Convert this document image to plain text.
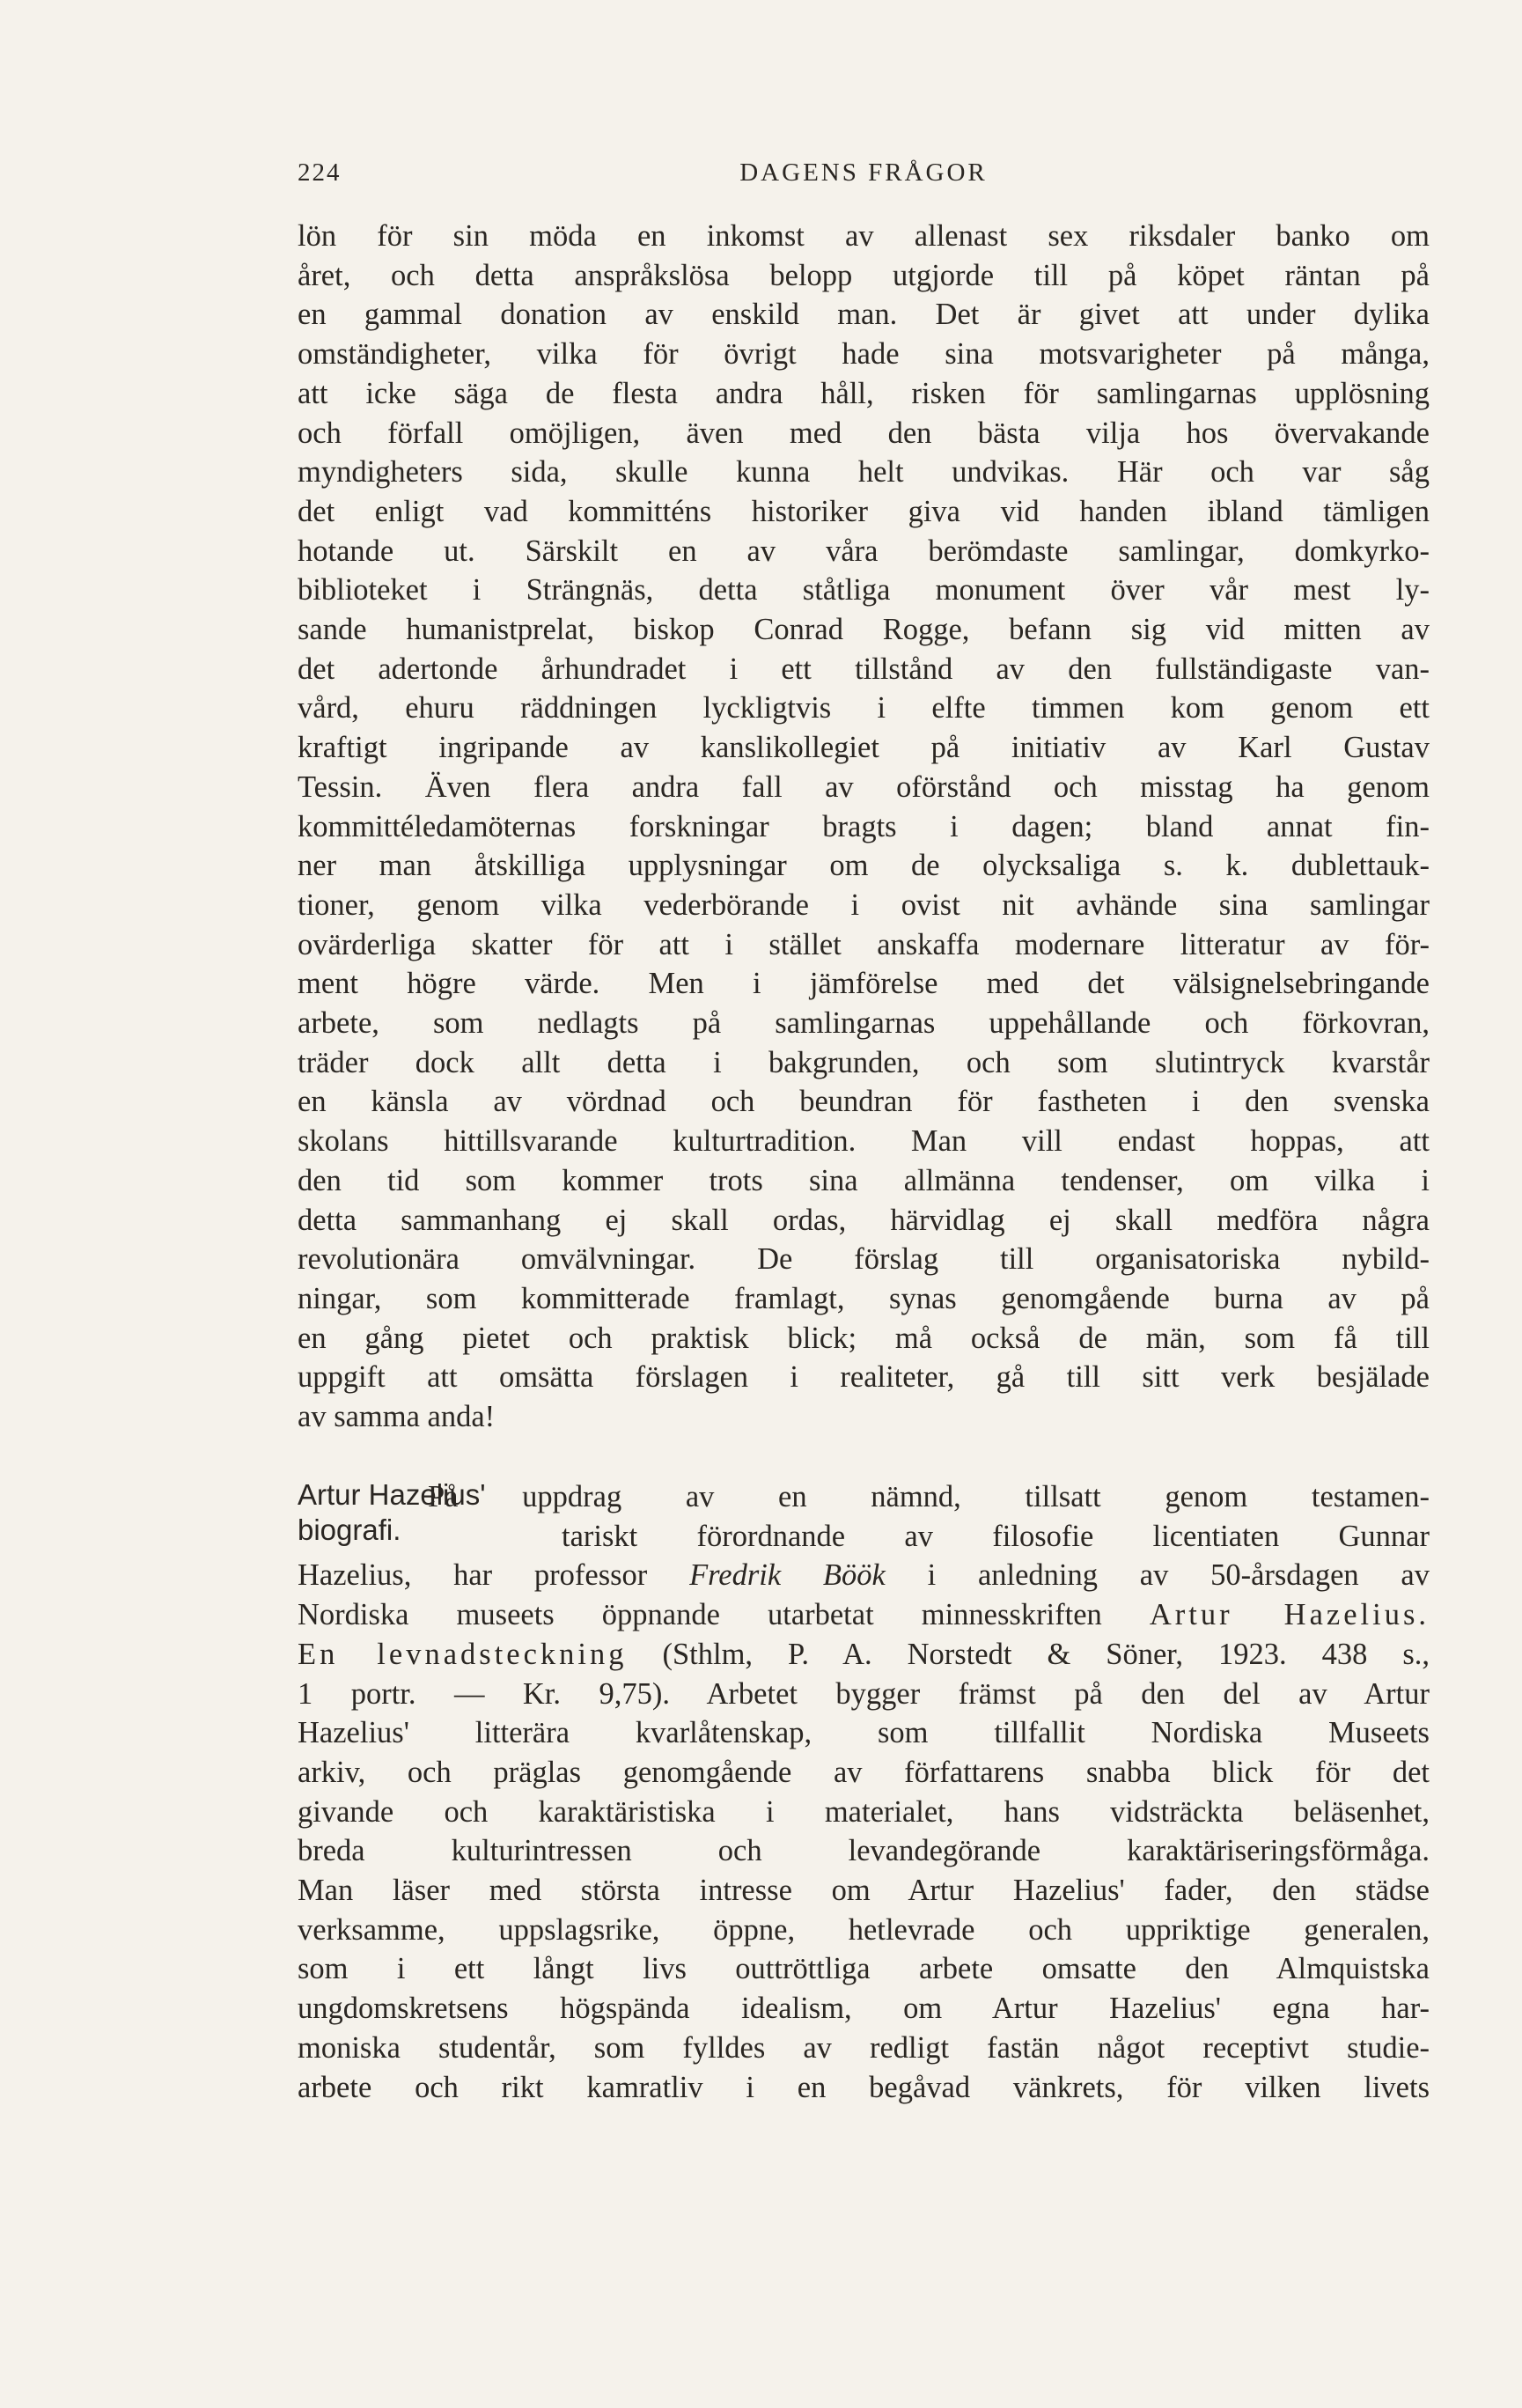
224	DAGENS FRÅGOR
lön för sin möda en inkomst av allenast sex riksdaler banko om
året, och detta anspråkslösa belopp utgjorde till på köpet räntan på
en gammal donation av enskild man. Det är givet att under dylika
omständigheter, vilka för övrigt hade sina motsvarigheter på många,
att icke säga de flesta andra håll, risken för samlingarnas upplösning
och förfall omöjligen, även med den bästa vilja hos övervakande
myndigheters sida, skulle kunna helt undvikas. Här och var såg
det enligt vad kommitténs historiker giva vid handen ibland tämligen
hotande ut. Särskilt en av våra berömdaste samlingar, domkyrko-
biblioteket i Strängnäs, detta ståtliga monument över vår mest ly-
sande humanistprelat, biskop Conrad Rogge, befann sig vid mitten av
det adertonde århundradet i ett tillstånd av den fullständigaste van-
vård, ehuru räddningen lyckligtvis i elfte timmen kom genom ett
kraftigt ingripande av kanslikollegiet på initiativ av Karl Gustav
Tessin. Även flera andra fall av oförstånd och misstag ha genom
kommittéledamöternas forskningar bragts i dagen; bland annat fin-
ner man åtskilliga upplysningar om de olycksaliga s. k. dublettauk-
tioner, genom vilka vederbörande i ovist nit avhände sina samlingar
ovärderliga skatter för att i stället anskaffa modernare litteratur av för-
ment högre värde. Men i jämförelse med det välsignelsebringande
arbete, som nedlagts på samlingarnas uppehållande och förkovran,
träder dock allt detta i bakgrunden, och som slutintryck kvarstår
en känsla av vördnad och beundran för fastheten i den svenska
skolans hittillsvarande kulturtradition. Man vill endast hoppas, att
den tid som kommer trots sina allmänna tendenser, om vilka i
detta sammanhang ej skall ordas, härvidlag ej skall medföra några
revolutionära omvälvningar. De förslag till organisatoriska nybild-
ningar, som kommitterade framlagt, synas genomgående burna av på
en gång pietet och praktisk blick; må också de män, som få till
uppgift att omsätta förslagen i realiteter, gå till sitt verk besjälade
av samma anda!
Artur Hazelius'
biografi.
På uppdrag av en nämnd, tillsatt genom testamen-
tariskt förordnande av filosofie licentiaten Gunnar
Hazelius, har professor Fredrik Böök i anledning av 50-årsdagen av
Nordiska museets öppnande utarbetat minnesskriften Artur Hazelius.
En levnadsteckning (Sthlm, P. A. Norstedt & Söner, 1923. 438 s.,
1 portr. — Kr. 9,75). Arbetet bygger främst på den del av Artur
Hazelius' litterära kvarlåtenskap, som tillfallit Nordiska Museets
arkiv, och präglas genomgående av författarens snabba blick för det
givande och karaktäristiska i materialet, hans vidsträckta beläsenhet,
breda kulturintressen och levandegörande karaktäriseringsförmåga.
Man läser med största intresse om Artur Hazelius' fader, den städse
verksamme, uppslagsrike, öppne, hetlevrade och uppriktige generalen,
som i ett långt livs outtröttliga arbete omsatte den Almquistska
ungdomskretsens högspända idealism, om Artur Hazelius' egna har-
moniska studentår, som fylldes av redligt fastän något receptivt studie-
arbete och rikt kamratliv i en begåvad vänkrets, för vilken livets
